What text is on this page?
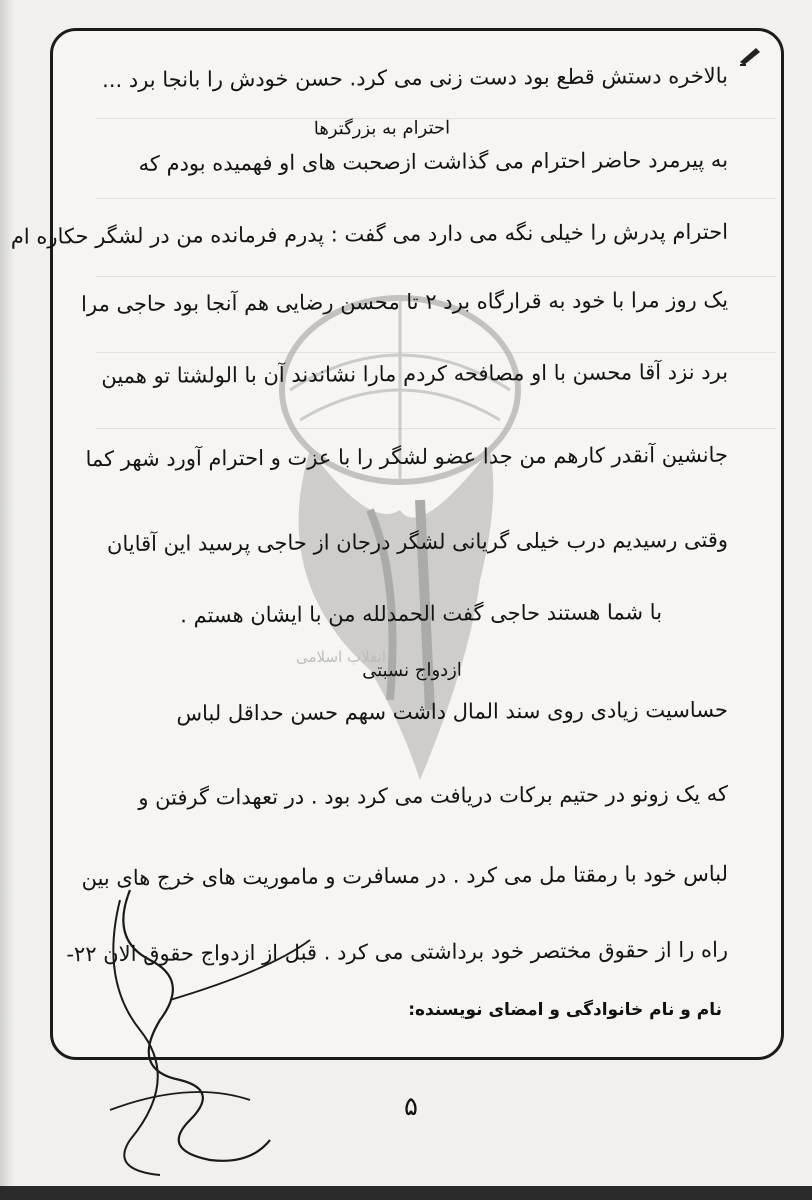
انقلاب اسلامی
بالاخره دستش قطع بود دست زنی می کرد. حسن خودش را بانجا برد ...
احترام به بزرگترها
به پیرمرد حاضر احترام می گذاشت ازصحبت های او فهمیده بودم که
احترام پدرش را خیلی نگه می دارد می گفت : پدرم فرمانده من در لشگر حکاره ام
یک روز مرا با خود به قرارگاه برد ۲ تا محسن رضایی هم آنجا بود حاجی مرا
برد نزد آقا محسن با او مصافحه کردم مارا نشاندند آن با الولشتا تو همین
جانشین آنقدر کارهم من جدا عضو لشگر را با عزت و احترام آورد شهر کما
وقتی رسیدیم درب خیلی گریانی لشگر درجان از حاجی پرسید این آقایان
با شما هستند حاجی گفت الحمدلله من با ایشان هستم .
ازدواج نسبتی
حساسیت زیادی روی سند المال داشت سهم حسن حداقل لباس
که یک زونو در حتیم برکات دریافت می کرد بود . در تعهدات گرفتن و
لباس خود با رمقتا مل می کرد . در مسافرت و ماموریت های خرج های بین
راه را از حقوق مختصر خود برداشتی می کرد . قبل از ازدواج حقوق الان ۲۲-
نام و نام خانوادگی و امضای نویسنده:
۵
